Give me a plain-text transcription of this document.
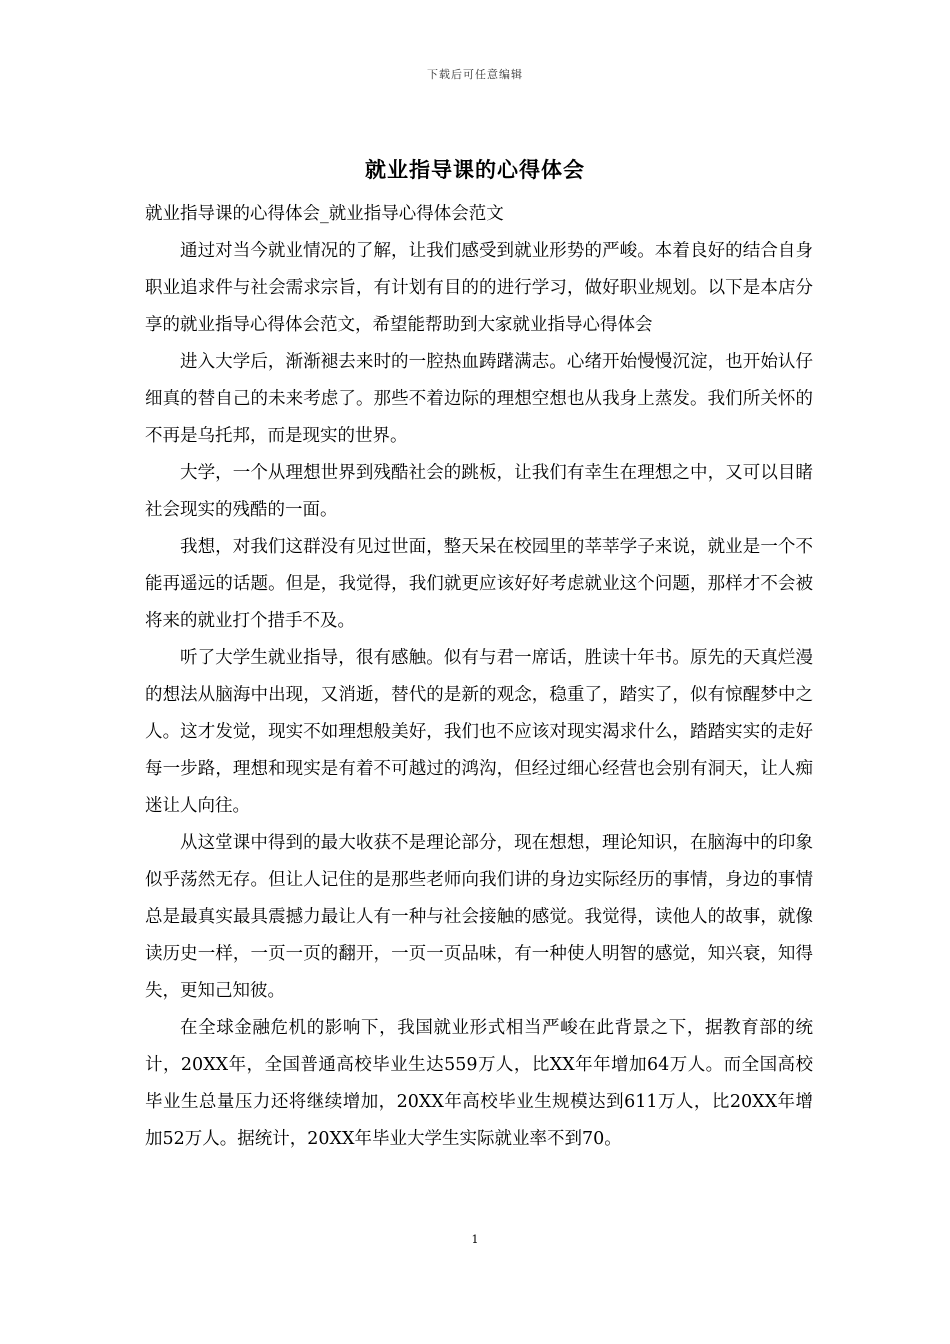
下载后可任意编辑
就业指导课的心得体会

就业指导课的心得体会_就业指导心得体会范文

通过对当今就业情况的了解，让我们感受到就业形势的严峻。本着良好的结合自身职业追求件与社会需求宗旨，有计划有目的的进行学习，做好职业规划。以下是本店分享的就业指导心得体会范文，希望能帮助到大家就业指导心得体会

进入大学后，渐渐褪去来时的一腔热血踌躇满志。心绪开始慢慢沉淀，也开始认仔细真的替自己的未来考虑了。那些不着边际的理想空想也从我身上蒸发。我们所关怀的不再是乌托邦，而是现实的世界。

大学，一个从理想世界到残酷社会的跳板，让我们有幸生在理想之中，又可以目睹社会现实的残酷的一面。

我想，对我们这群没有见过世面，整天呆在校园里的莘莘学子来说，就业是一个不能再遥远的话题。但是，我觉得，我们就更应该好好考虑就业这个问题，那样才不会被将来的就业打个措手不及。

听了大学生就业指导，很有感触。似有与君一席话，胜读十年书。原先的天真烂漫的想法从脑海中出现，又消逝，替代的是新的观念，稳重了，踏实了，似有惊醒梦中之人。这才发觉，现实不如理想般美好，我们也不应该对现实渴求什么，踏踏实实的走好每一步路，理想和现实是有着不可越过的鸿沟，但经过细心经营也会别有洞天，让人痴迷让人向往。

从这堂课中得到的最大收获不是理论部分，现在想想，理论知识，在脑海中的印象似乎荡然无存。但让人记住的是那些老师向我们讲的身边实际经历的事情，身边的事情总是最真实最具震撼力最让人有一种与社会接触的感觉。我觉得，读他人的故事，就像读历史一样，一页一页的翻开，一页一页品味，有一种使人明智的感觉，知兴衰，知得失，更知己知彼。

在全球金融危机的影响下，我国就业形式相当严峻在此背景之下，据教育部的统计，20XX年，全国普通高校毕业生达559万人，比XX年年增加64万人。而全国高校毕业生总量压力还将继续增加，20XX年高校毕业生规模达到611万人，比20XX年增加52万人。据统计，20XX年毕业大学生实际就业率不到70。

1
